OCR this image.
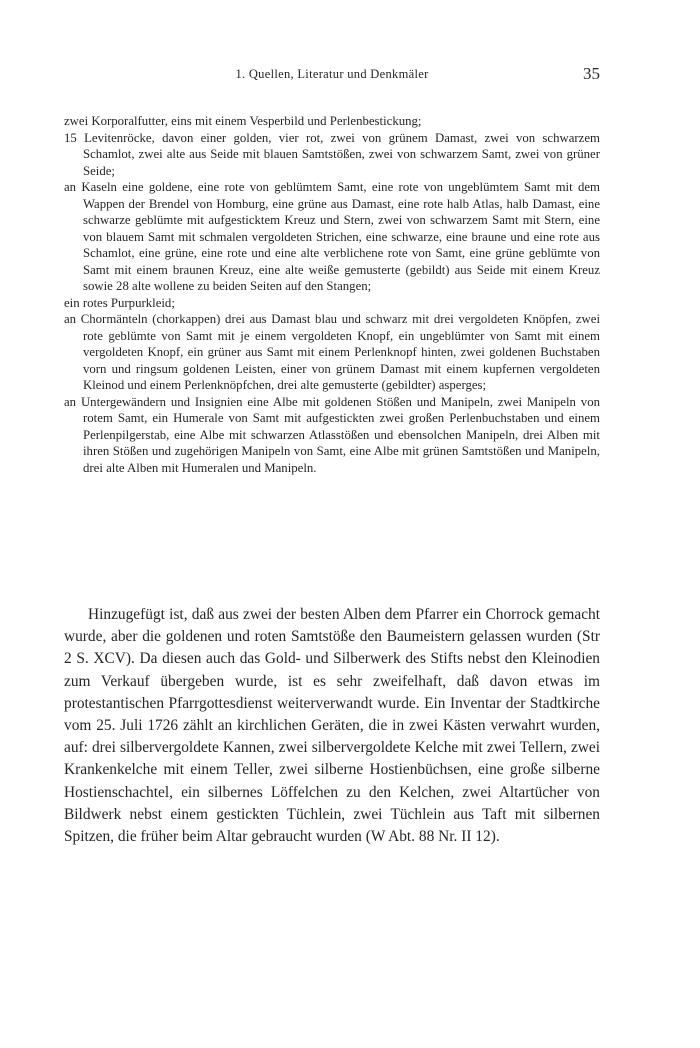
1. Quellen, Literatur und Denkmäler	35

zwei Korporalfutter, eins mit einem Vesperbild und Perlenbestickung;

15 Levitenröcke, davon einer golden, vier rot, zwei von grünem Damast, zwei von schwarzem Schamlot, zwei alte aus Seide mit blauen Samtstößen, zwei von schwarzem Samt, zwei von grüner Seide;

an Kaseln eine goldene, eine rote von geblümtem Samt, eine rote von ungeblümtem Samt mit dem Wappen der Brendel von Homburg, eine grüne aus Damast, eine rote halb Atlas, halb Damast, eine schwarze geblümte mit aufgesticktem Kreuz und Stern, zwei von schwarzem Samt mit Stern, eine von blauem Samt mit schmalen vergoldeten Strichen, eine schwarze, eine braune und eine rote aus Schamlot, eine grüne, eine rote und eine alte verblichene rote von Samt, eine grüne geblümte von Samt mit einem braunen Kreuz, eine alte weiße gemusterte (gebildt) aus Seide mit einem Kreuz sowie 28 alte wollene zu beiden Seiten auf den Stangen;

ein rotes Purpurkleid;

an Chormänteln (chorkappen) drei aus Damast blau und schwarz mit drei vergoldeten Knöpfen, zwei rote geblümte von Samt mit je einem vergoldeten Knopf, ein ungeblümter von Samt mit einem vergoldeten Knopf, ein grüner aus Samt mit einem Perlenknopf hinten, zwei goldenen Buchstaben vorn und ringsum goldenen Leisten, einer von grünem Damast mit einem kupfernen vergoldeten Kleinod und einem Perlenknöpfchen, drei alte gemusterte (gebildter) asperges;

an Untergewändern und Insignien eine Albe mit goldenen Stößen und Manipeln, zwei Manipeln von rotem Samt, ein Humerale von Samt mit aufgestickten zwei großen Perlenbuchstaben und einem Perlenpilgerstab, eine Albe mit schwarzen Atlasstößen und ebensolchen Manipeln, drei Alben mit ihren Stößen und zugehörigen Manipeln von Samt, eine Albe mit grünen Samtstößen und Manipeln, drei alte Alben mit Humeralen und Manipeln.

Hinzugefügt ist, daß aus zwei der besten Alben dem Pfarrer ein Chorrock gemacht wurde, aber die goldenen und roten Samtstöße den Baumeistern gelassen wurden (Str 2 S. XCV). Da diesen auch das Gold- und Silberwerk des Stifts nebst den Kleinodien zum Verkauf übergeben wurde, ist es sehr zweifelhaft, daß davon etwas im protestantischen Pfarrgottesdienst weiterverwandt wurde. Ein Inventar der Stadtkirche vom 25. Juli 1726 zählt an kirchlichen Geräten, die in zwei Kästen verwahrt wurden, auf: drei silbervergoldete Kannen, zwei silbervergoldete Kelche mit zwei Tellern, zwei Krankenkelche mit einem Teller, zwei silberne Hostienbüchsen, eine große silberne Hostienschachtel, ein silbernes Löffelchen zu den Kelchen, zwei Altartücher von Bildwerk nebst einem gestickten Tüchlein, zwei Tüchlein aus Taft mit silbernen Spitzen, die früher beim Altar gebraucht wurden (W Abt. 88 Nr. II 12).
